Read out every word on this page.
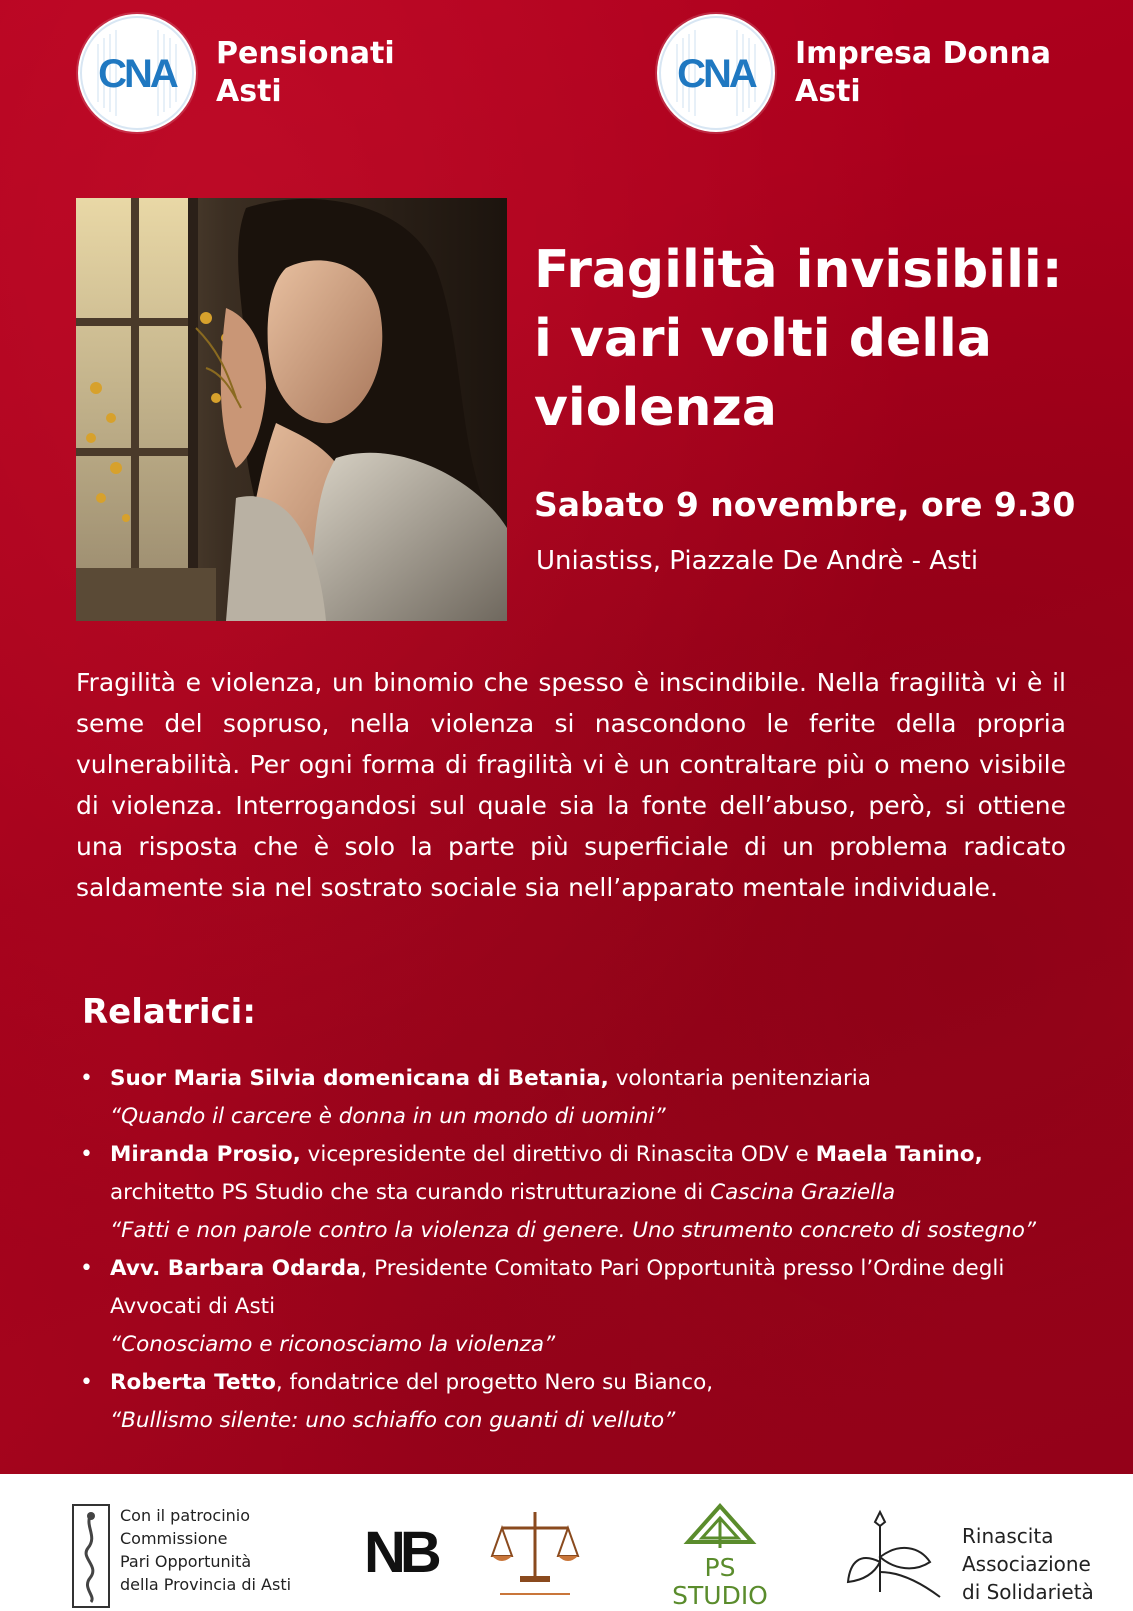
CNA Pensionati
Asti	CNA Impresa Donna
Asti
Fragilità invisibili:
i vari volti della
violenza
Sabato 9 novembre, ore 9.30
Uniastiss, Piazzale De Andrè - Asti
Fragilità e violenza, un binomio che spesso è inscindibile. Nella fragilità vi è il seme del sopruso, nella violenza si nascondono le ferite della propria vulnerabilità. Per ogni forma di fragilità vi è un contraltare più o meno visibile di violenza. Interrogandosi sul quale sia la fonte dell’abuso, però, si ottiene una risposta che è solo la parte più superficiale di un problema radicato saldamente sia nel sostrato sociale sia nell’apparato mentale individuale.
Relatrici:
• Suor Maria Silvia domenicana di Betania, volontaria penitenziaria
“Quando il carcere è donna in un mondo di uomini”
• Miranda Prosio, vicepresidente del direttivo di Rinascita ODV e Maela Tanino, architetto PS Studio che sta curando ristrutturazione di Cascina Graziella
“Fatti e non parole contro la violenza di genere. Uno strumento concreto di sostegno”
• Avv. Barbara Odarda, Presidente Comitato Pari Opportunità presso l’Ordine degli Avvocati di Asti
“Conosciamo e riconosciamo la violenza”
• Roberta Tetto, fondatrice del progetto Nero su Bianco,
“Bullismo silente: uno schiaffo con guanti di velluto”
Con il patrocinio
Commissione
Pari Opportunità
della Provincia di Asti NB	PS STUDIO
Rinascita
Associazione
di Solidarietà
